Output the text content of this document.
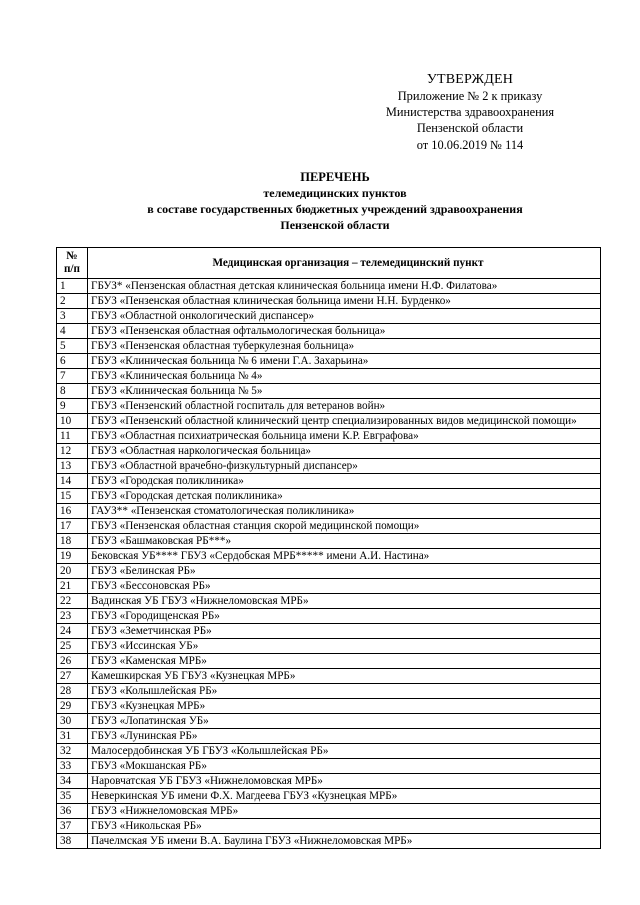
УТВЕРЖДЕН
Приложение № 2 к приказу
Министерства здравоохранения
Пензенской области
от 10.06.2019 № 114
ПЕРЕЧЕНЬ
телемедицинских пунктов
в составе государственных бюджетных учреждений здравоохранения
Пензенской области
№
п/п	Медицинская организация – телемедицинский пункт
1	ГБУЗ* «Пензенская областная детская клиническая больница имени Н.Ф. Филатова»
2	ГБУЗ «Пензенская областная клиническая больница имени Н.Н. Бурденко»
3	ГБУЗ «Областной онкологический диспансер»
4	ГБУЗ «Пензенская областная офтальмологическая больница»
5	ГБУЗ «Пензенская областная туберкулезная больница»
6	ГБУЗ «Клиническая больница № 6 имени Г.А. Захарьина»
7	ГБУЗ «Клиническая больница № 4»
8	ГБУЗ «Клиническая больница № 5»
9	ГБУЗ «Пензенский областной госпиталь для ветеранов войн»
10	ГБУЗ «Пензенский областной клинический центр специализированных видов медицинской помощи»
11	ГБУЗ «Областная психиатрическая больница имени К.Р. Евграфова»
12	ГБУЗ «Областная наркологическая больница»
13	ГБУЗ «Областной врачебно-физкультурный диспансер»
14	ГБУЗ «Городская поликлиника»
15	ГБУЗ «Городская детская поликлиника»
16	ГАУЗ** «Пензенская стоматологическая поликлиника»
17	ГБУЗ «Пензенская областная станция скорой медицинской помощи»
18	ГБУЗ «Башмаковская РБ***»
19	Бековская УБ**** ГБУЗ «Сердобская МРБ***** имени А.И. Настина»
20	ГБУЗ «Белинская РБ»
21	ГБУЗ «Бессоновская РБ»
22	Вадинская УБ ГБУЗ «Нижнеломовская МРБ»
23	ГБУЗ «Городищенская РБ»
24	ГБУЗ «Земетчинская РБ»
25	ГБУЗ «Иссинская УБ»
26	ГБУЗ «Каменская МРБ»
27	Камешкирская УБ ГБУЗ «Кузнецкая МРБ»
28	ГБУЗ «Колышлейская РБ»
29	ГБУЗ «Кузнецкая МРБ»
30	ГБУЗ «Лопатинская УБ»
31	ГБУЗ «Лунинская РБ»
32	Малосердобинская УБ ГБУЗ «Колышлейская РБ»
33	ГБУЗ «Мокшанская РБ»
34	Наровчатская УБ ГБУЗ «Нижнеломовская МРБ»
35	Неверкинская УБ имени Ф.Х. Магдеева ГБУЗ «Кузнецкая МРБ»
36	ГБУЗ «Нижнеломовская МРБ»
37	ГБУЗ «Никольская РБ»
38	Пачелмская УБ имени В.А. Баулина ГБУЗ «Нижнеломовская МРБ»
